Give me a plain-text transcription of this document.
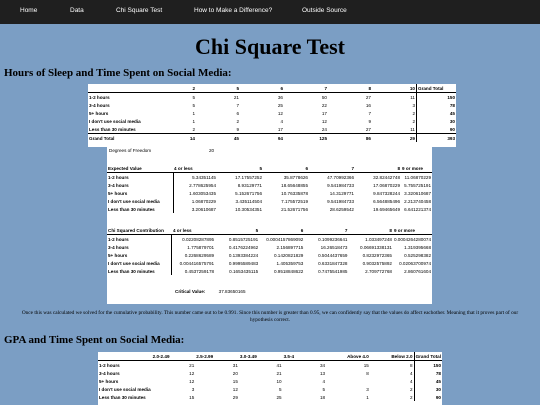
Home	Data	Chi Square Test	How to Make a Difference?	Outside Source
Chi Square Test
Hours of Sleep and Time Spent on Social Media:
	2	5	6	7	8	10	Grand Total
1-2 hours	5	21	36	50	27	11	150
3-4 hours	5	7	25	22	16	3	78
5+ hours	1	6	12	17	7	2	45
I don't use social media	1	2	4	12	9	2	30
Less than 30 minutes	2	9	17	24	27	11	90
Grand Total	14	45	94	125	86	29	393
Degrees of Freedom	20
Expected Value	4 or less	5	6	7	8	9 or more
1-2 hours	5.34351145	17.17557252	35.8778626	47.70992366	32.82442748	11.06870229
3-4 hours	2.778625954	8.93129771	18.65648855	9.541984733	17.06870229	5.755725191
5+ hours	1.603053435	5.152671756	10.76335878	14.3129771	9.847328244	3.320610687
I don't use social media	1.06870229	3.435114504	7.175572519	9.541984733	6.564885496	2.213740458
Less than 30 minutes	3.20610687	10.30534351	21.52671756	28.6259542	19.69465649	6.641221374
Chi Squared Contribution	4 or less	5	6	7	8	9 or more
1-2 hours	0.02208287895	0.8515725191	0.0004157869092	0.1099236641	1.033497248	0.0004264280074
3-4 hours	1.775879701	0.4176224962	2.156897715	16.26518473	0.06691338131	1.319395668
5+ hours	0.2268629589	0.1393384224	0.1420821829	0.5044437659	0.8232972365	0.525298382
I don't use social media	0.004416575791	0.9995589483	1.405359753	0.6331847328	0.9032575892	0.02063700974
Less than 30 minutes	0.4537259178	0.1653435115	0.9518848622	0.7475541985	2.709772768	2.860761604
Critical Value:	37.83650165

Once this was calculated we solved for the cumulative probability. This number came out to be 0.991. Since this number is greater than 0.95, we can confidently say that the values do affect eachother. Meaning that it proves part of our hypothesis correct.

GPA and Time Spent on Social Media:
	2.0-2.49	2.5-2.99	3.0-3.49	3.5-4	Above 4.0	Below 2.0	Grand Total
1-2 hours	21	31	41	34	15	8	150
3-4 hours	12	20	21	13	8	4	78
5+ hours	12	15	10	4		4	45
I don't use social media	3	12	5	5	3	2	30
Less than 30 minutes	15	29	25	18	1	2	90
